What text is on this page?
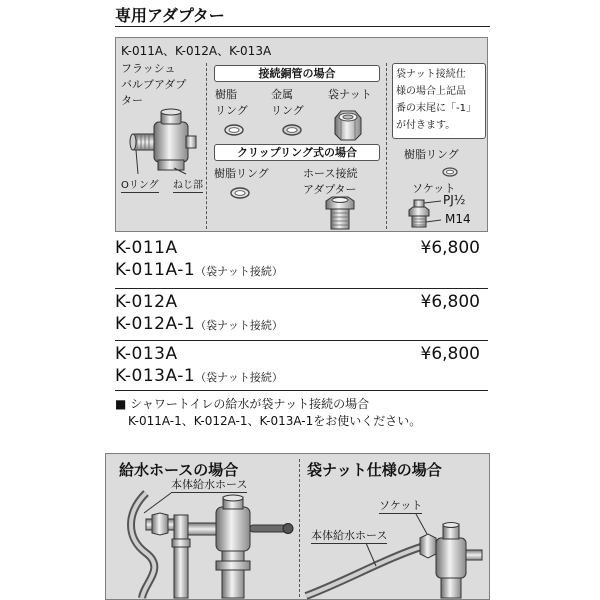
専用アダプター
K-011A、K-012A、K-013A
フラッシュ
バルブアダプ
ター
Oリング ねじ部
接続銅管の場合
樹脂
リング
金属
リング
袋ナット
クリップリング式の場合
樹脂リング	ホース接続
アダプター
袋ナット接続仕
様の場合上記品
番の末尾に「-1」
が付きます。
樹脂リング
ソケット
PJ½
M14
K-011A	¥6,800
K-011A-1（袋ナット接続）
K-012A	¥6,800
K-012A-1（袋ナット接続）
K-013A	¥6,800
K-013A-1（袋ナット接続）
■ シャワートイレの給水が袋ナット接続の場合
K-011A-1、K-012A-1、K-013A-1をお使いください。
給水ホースの場合
本体給水ホース
袋ナット仕様の場合
ソケット
本体給水ホース
